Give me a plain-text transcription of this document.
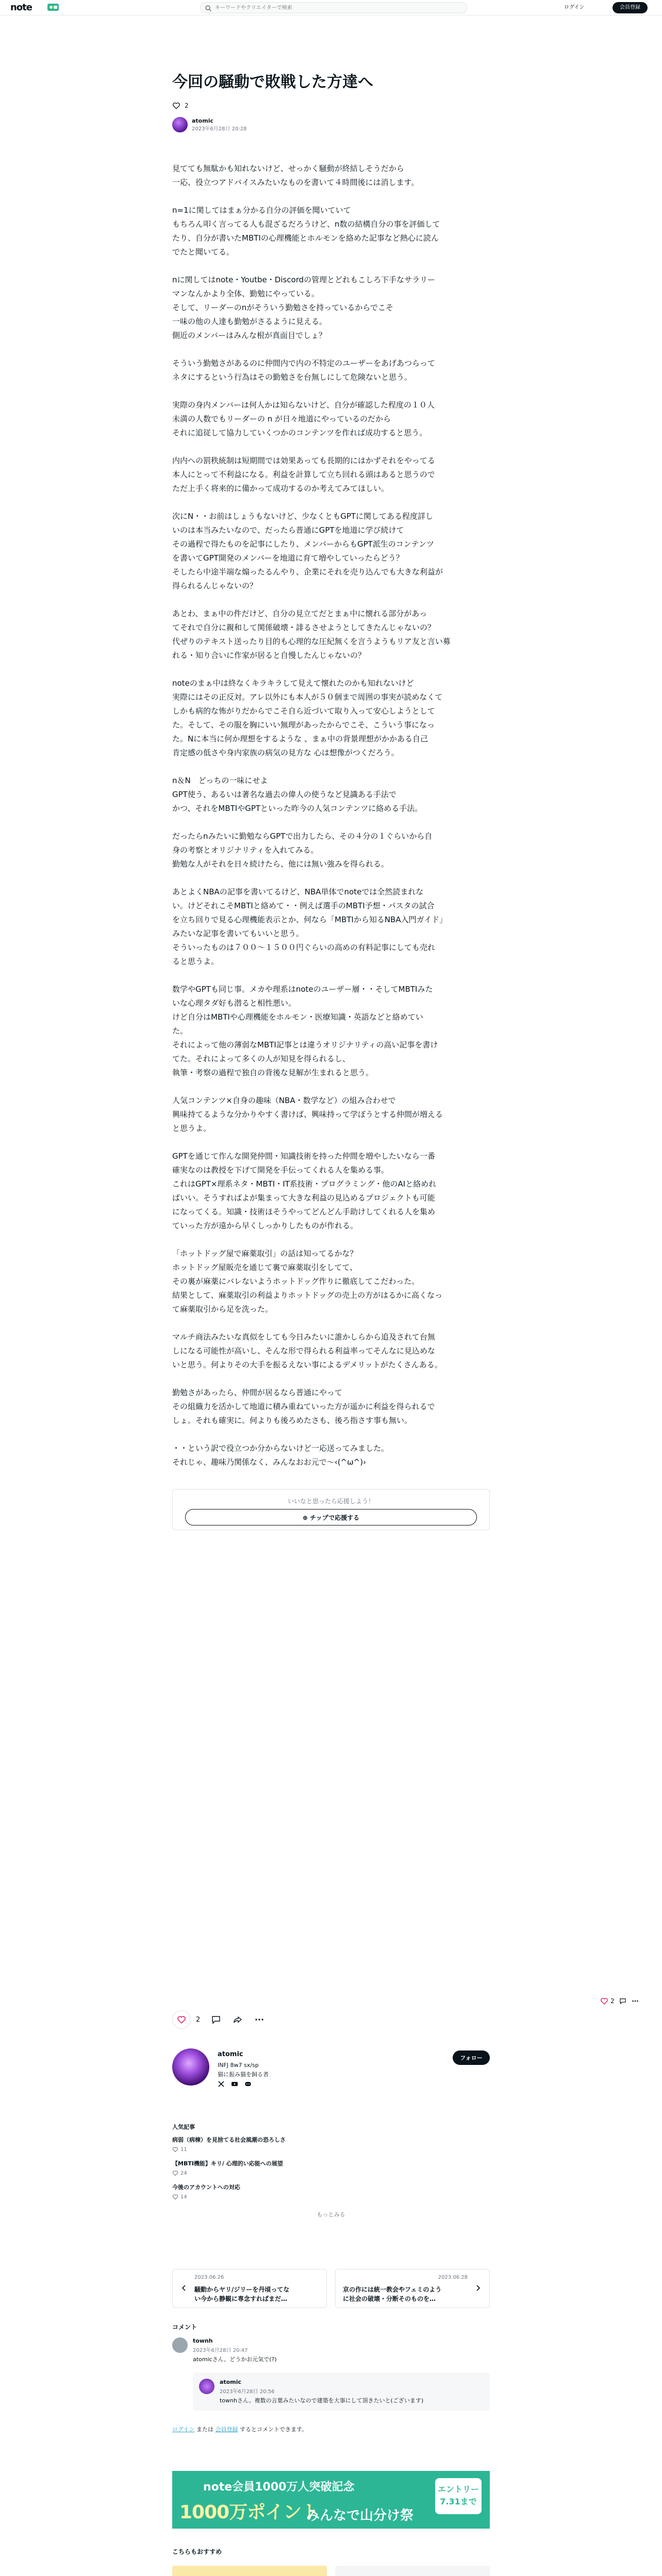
note
キーワードやクリエイターで検索	ログイン	会員登録
今回の騒動で敗戦した方達へ
2
atomic
2023年6月28日 20:28

見てても無駄かも知れないけど、せっかく騒動が終結しそうだから
一応、役立つアドバイスみたいなものを書いて４時間後には消します。

n=1に関してはまぁ分かる自分の評価を聞いていて
もちろん叩く言ってる人も混ざるだろうけど、n数の結構自分の事を評価して
たり、自分が書いたMBTIの心理機能とホルモンを絡めた記事など熱心に読ん
でたと聞いてる。

nに関してはnote・Youtbe・Discordの管理とどれもこしろ下手なサラリー
マンなんかより全体、勤勉にやっている。
そして、リーダーのnがそういう勤勉さを持っているからでこそ
一味の他の人達も勤勉がさるように見える。
側近のメンバーはみんな根が真面目でしょ？

そういう勤勉さがあるのに仲間内で内の不特定のユーザーをあげあつらって
ネタにするという行為はその勤勉さを台無しにして危険ないと思う。

実際の身内メンバーは何人かは知らないけど、自分が確認した程度の１０人
未満の人数でもリーダーの n が日々地道にやっているのだから
それに追従して協力していくつかのコンテンツを作れば成功すると思う。

内内への罰秩統制は短期間では効果あっても長期的にはかずそれをやってる
本人にとって不利益になる。利益を計算して立ち回れる頭はあると思うので
ただ上手く将来的に備かって成功するのか考えてみてほしい。

次にN・・お前はしょうもないけど、少なくともGPTに関してある程度詳し
いのは本当みたいなので、だったら普通にGPTを地道に学び続けて
その過程で得たものを記事にしたり、メンバーからもGPT派生のコンテンツ
を書いてGPT開発のメンバーを地道に育て増やしていったらどう？
そしたら中途半端な煽ったるんやり、企業にそれを売り込んでも大きな利益が
得られるんじゃないの？

あとわ、まぁ中の件だけど、自分の見立てだとまぁ中に懐れる部分があっ
てそれで自分に親和して関係破壊・誹るさせようとしてきたんじゃないの？
代ぜりのテキスト送ったり目的も心理的な圧紀無くを言うようもリア友と言い募
れる・知り合いに作家が居ると自慢したんじゃないの？

noteのまぁ中は終なくキラキラして見えて懐れたのかも知れないけど
実際にはその正反対。アレ以外にも本人が５０個まで周囲の事実が読めなくて
しかも病的な怖がりだからでこそ自ら近づいて取り入って安心しようとして
た。そして、その服を胸にいい無理があったからでこそ、こういう事になっ
た。Nに本当に何か理想をするような 、まぁ中の背景理想がかかある自己
肯定感の低さや身内家族の病気の見方な 心は想像がつくだろう。

n＆N　どっちの一味にせよ
GPT使う、あるいは著名な過去の偉人の使うなど見識ある手法で
かつ、それをMBTIやGPTといった昨今の人気コンテンツに絡める手法。

だったらnみたいに勤勉ならGPTで出力したら、その４分の１ぐらいから自
身の考察とオリジナリティを入れてみる。
勤勉な人がそれを日々続けたら、他には無い強みを得られる。

あとよくNBAの記事を書いてるけど、NBA単体でnoteでは全然読まれな
い。けどそれこそMBTIと絡めて・・例えば選手のMBTI予想・パスタの試合
を立ち回りで見る心理機能表示とか、何なら「MBTIから知るNBA入門ガイド」
みたいな記事を書いてもいいと思う。
そういったものは７００〜１５００円ぐらいの高めの有料記事にしても売れ
ると思うよ。

数学やGPTも同じ事。メカや理系はnoteのユーザー層・・そしてMBTIみた
いな心理タダ好も潜ると相性悪い。
けど自分はMBTIや心理機能をホルモン・医療知識・英語などと絡めてい
た。
それによって他の薄弱なMBTI記事とは違うオリジナリティの高い記事を書け
てた。それによって多くの人が知見を得られるし、
執筆・考察の過程で独自の背後な見解が生まれると思う。

人気コンテンツ×自身の趣味（NBA・数学など）の組み合わせで
興味持てるような分かりやすく書けば、興味持って学ぼうとする仲間が増える
と思うよ。

GPTを通じて作んな開発仲間・知識技術を持った仲間を増やしたいなら一番
確実なのは教授を下げて開発を手伝ってくれる人を集める事。
これはGPT×理系ネタ・MBTI・IT系技術・プログラミング・他のAIと絡めれ
ばいい。そうすればよが集まって大きな利益の見込めるプロジェクトも可能
になってくる。知識・技術ほそうやってどんどん手助けしてくれる人を集め
ていった方が遠から早くしっかりしたものが作れる。

「ホットドッグ屋で麻薬取引」の話は知ってるかな？
ホットドッグ屋販売を通じて裏で麻薬取引をしてて、
その裏が麻薬にバレないようホットドッグ作りに徹底してこだわった。
結果として、麻薬取引の利益よりホットドッグの売上の方がはるかに高くなっ
て麻薬取引から足を洗った。

マルチ商法みたいな真似をしても今日みたいに誰かしらから追及されて台無
しになる可能性が高いし、そんな形で得られる利益率ってそんなに見込めな
いと思う。何よりその大手を振るえない事によるデメリットがたくさんある。

勤勉さがあったら、仲間が居るなら普通にやって
その組織力を活かして地道に積み重ねていった方が遥かに利益を得られるで
しょ。それも確実に。何よりも後ろめたさも、後ろ指さす事も無い。

・・という訳で役立つか分からないけど一応送ってみました。
それじゃ、趣味乃関係なく、みんなおお元で〜‹(^ω^)›

いいなと思ったら応援しよう！
⊕ チップで応援する
2
2
atomic
INFJ 8w7 sx/sp
猫に振み猫を飼る者
フォロー
人気記事
病弱（病棟）を見捨てる社会風潮の恐ろしさ
11
【MBTI機能】キリ/ 心理的い応能への展望
24
今後のアカウントへの対応
14
もっとみる
2023.06.26
騒動からヤリ/ジリーを丹頃ってな
い今から静観に専念すればまだ…
2023.06.28
京の作には統一教会やフェミのよう
に社会の破壊・分断そのものを…
コメント
townh
2023年6月28日 20:47
atomicさん、どうかお元気で(?)
atomic
2023年6月28日 20:56
townhさん。複数の言葉みたいなので建築を大事にして頂きたいと(ございます)
ログイン または 会員登録 するとコメントできます。
note会員1000万人突破記念
1000万ポイント
みんなで山分け祭
エントリー
7.31まで
こちらもおすすめ
